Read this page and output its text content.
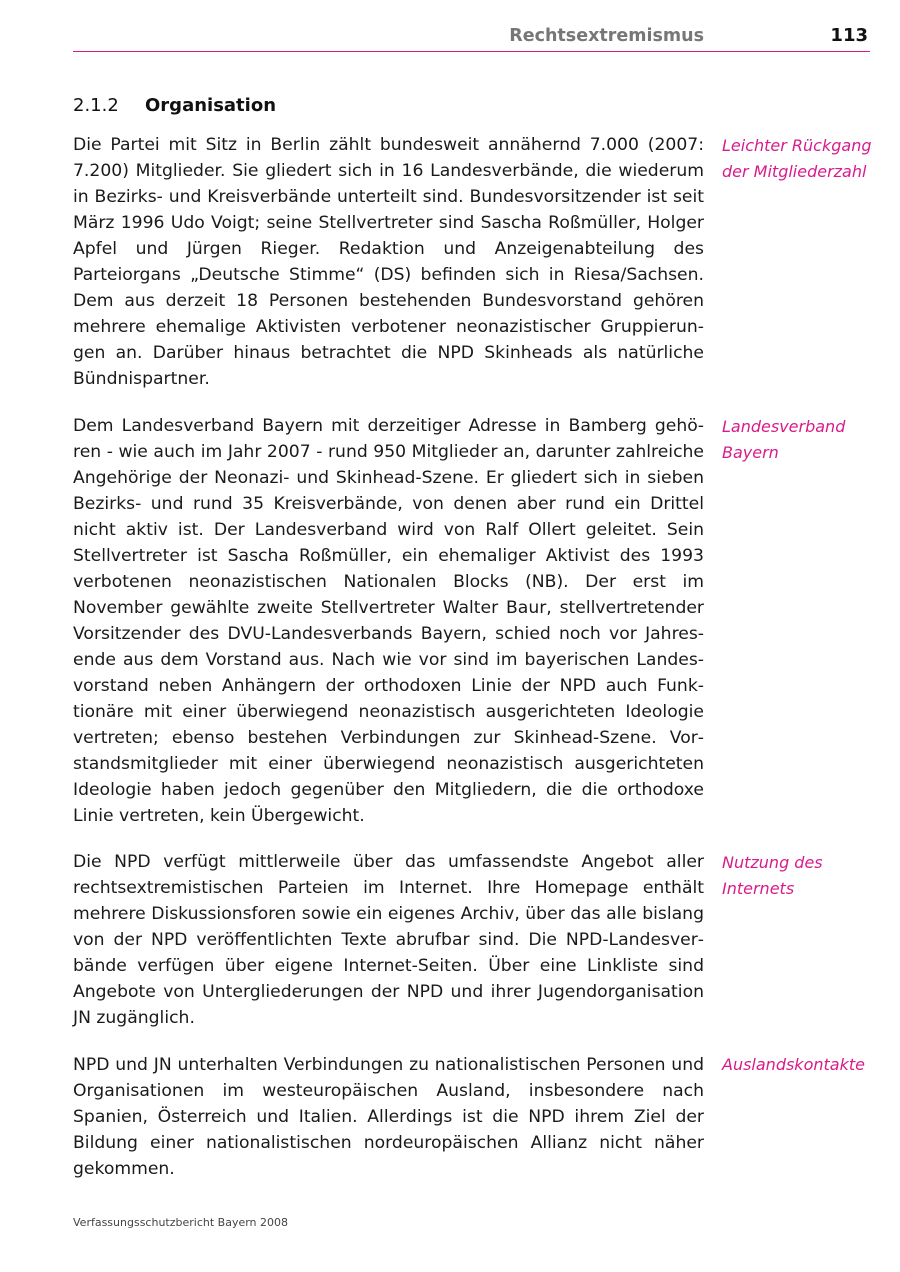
Rechtsextremismus	113
2.1.2 Organisation

Die Partei mit Sitz in Berlin zählt bundesweit annähernd 7.000 (2007: 7.200) Mitglieder. Sie gliedert sich in 16 Landesverbände, die wiederum in Bezirks- und Kreisverbände unterteilt sind. Bundesvorsitzender ist seit März 1996 Udo Voigt; seine Stellvertreter sind Sascha Roßmüller, Holger Apfel und Jürgen Rieger. Redaktion und Anzeigenabteilung des Parteiorgans „Deutsche Stimme“ (DS) befinden sich in Riesa/Sachsen. Dem aus derzeit 18 Personen bestehenden Bundesvorstand gehören mehrere ehemalige Aktivisten verbotener neonazistischer Gruppierungen an. Darüber hinaus betrachtet die NPD Skinheads als natürliche Bündnispartner.

Leichter Rückgang der Mitgliederzahl

Dem Landesverband Bayern mit derzeitiger Adresse in Bamberg gehören - wie auch im Jahr 2007 - rund 950 Mitglieder an, darunter zahlreiche Angehörige der Neonazi- und Skinhead-Szene. Er gliedert sich in sieben Bezirks- und rund 35 Kreisverbände, von denen aber rund ein Drittel nicht aktiv ist. Der Landesverband wird von Ralf Ollert geleitet. Sein Stellvertreter ist Sascha Roßmüller, ein ehemaliger Aktivist des 1993 verbotenen neonazistischen Nationalen Blocks (NB). Der erst im November gewählte zweite Stellvertreter Walter Baur, stellvertretender Vorsitzender des DVU-Landesverbands Bayern, schied noch vor Jahresende aus dem Vorstand aus. Nach wie vor sind im bayerischen Landesvorstand neben Anhängern der orthodoxen Linie der NPD auch Funktionäre mit einer überwiegend neonazistisch ausgerichteten Ideologie vertreten; ebenso bestehen Verbindungen zur Skinhead-Szene. Vorstandsmitglieder mit einer überwiegend neonazistisch ausgerichteten Ideologie haben jedoch gegenüber den Mitgliedern, die die orthodoxe Linie vertreten, kein Übergewicht.

Landesverband Bayern

Die NPD verfügt mittlerweile über das umfassendste Angebot aller rechtsextremistischen Parteien im Internet. Ihre Homepage enthält mehrere Diskussionsforen sowie ein eigenes Archiv, über das alle bislang von der NPD veröffentlichten Texte abrufbar sind. Die NPD-Landesverbände verfügen über eigene Internet-Seiten. Über eine Linkliste sind Angebote von Untergliederungen der NPD und ihrer Jugendorganisation JN zugänglich.

Nutzung des Internets

NPD und JN unterhalten Verbindungen zu nationalistischen Personen und Organisationen im westeuropäischen Ausland, insbesondere nach Spanien, Österreich und Italien. Allerdings ist die NPD ihrem Ziel der Bildung einer nationalistischen nordeuropäischen Allianz nicht näher gekommen.

Auslandskontakte
Verfassungsschutzbericht Bayern 2008
